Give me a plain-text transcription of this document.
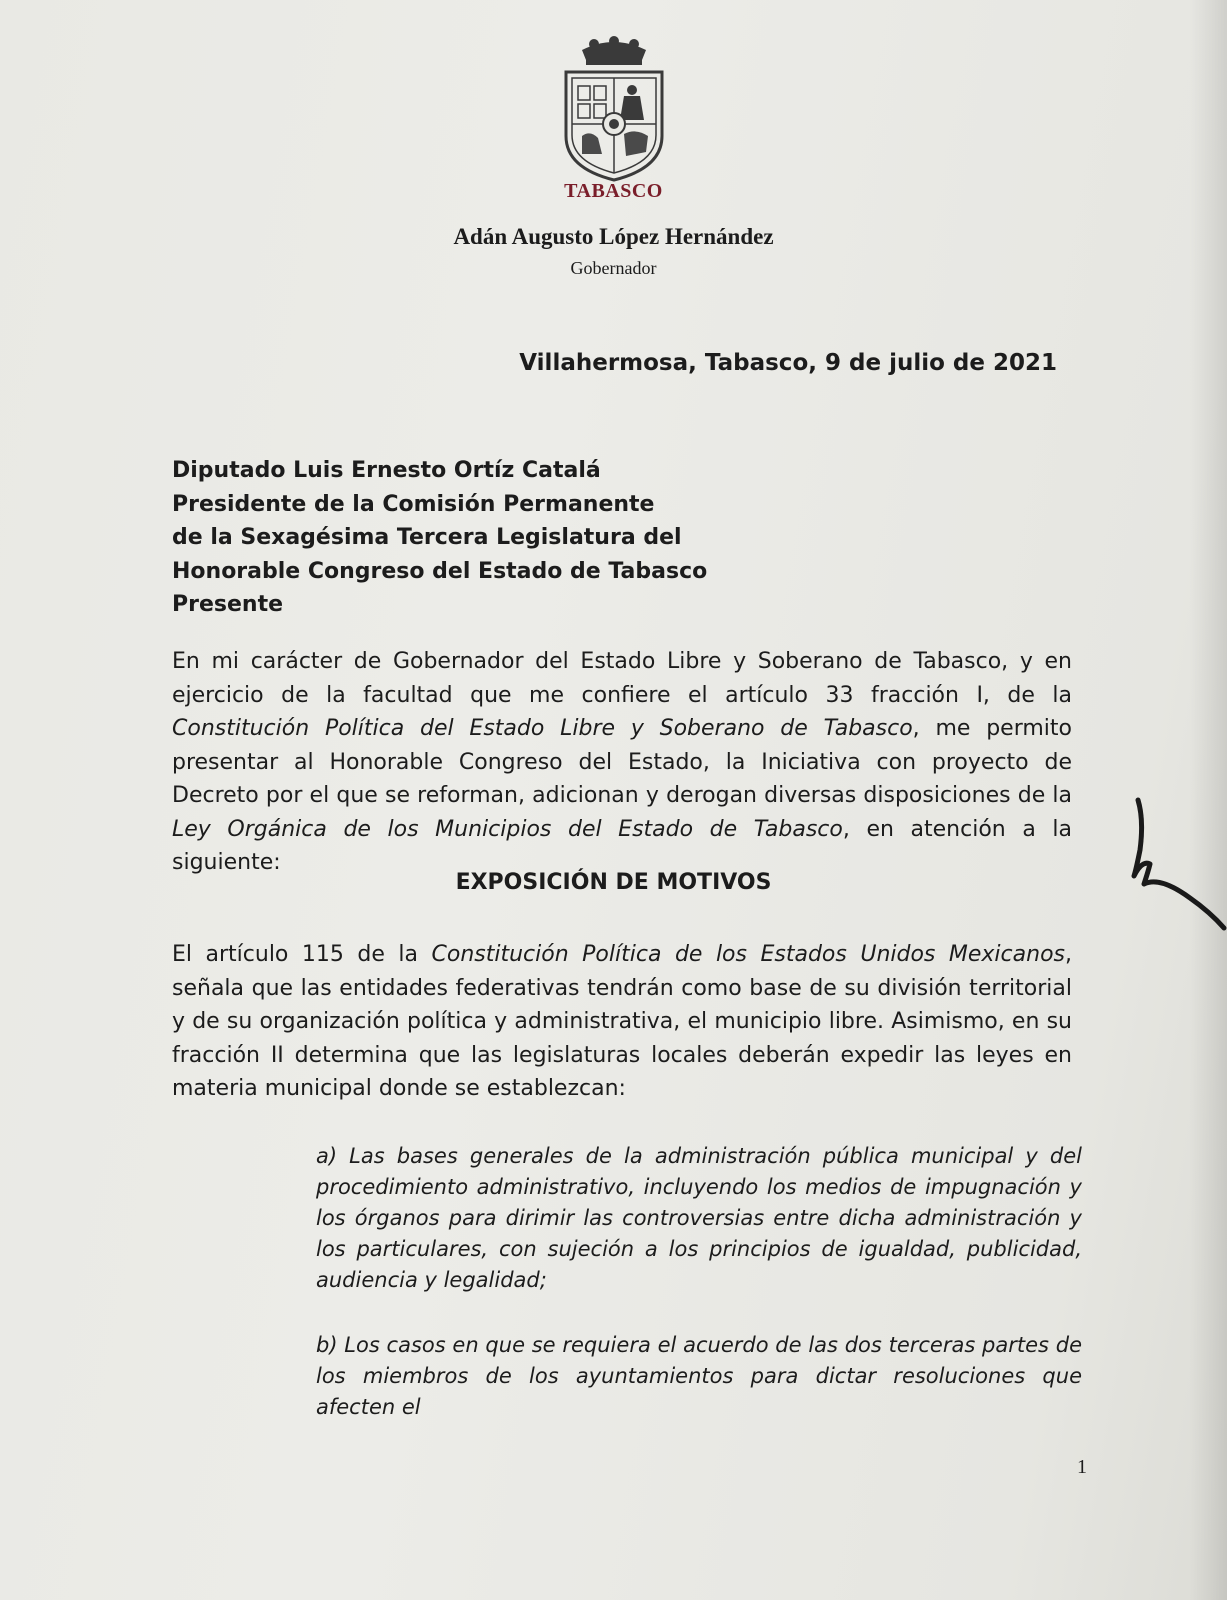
TABASCO
Adán Augusto López Hernández
Gobernador
Villahermosa, Tabasco, 9 de julio de 2021
Diputado Luis Ernesto Ortíz Catalá
Presidente de la Comisión Permanente
de la Sexagésima Tercera Legislatura del
Honorable Congreso del Estado de Tabasco
Presente
En mi carácter de Gobernador del Estado Libre y Soberano de Tabasco, y en ejercicio de la facultad que me confiere el artículo 33 fracción I, de la Constitución Política del Estado Libre y Soberano de Tabasco, me permito presentar al Honorable Congreso del Estado, la Iniciativa con proyecto de Decreto por el que se reforman, adicionan y derogan diversas disposiciones de la Ley Orgánica de los Municipios del Estado de Tabasco, en atención a la siguiente:
EXPOSICIÓN DE MOTIVOS
El artículo 115 de la Constitución Política de los Estados Unidos Mexicanos, señala que las entidades federativas tendrán como base de su división territorial y de su organización política y administrativa, el municipio libre. Asimismo, en su fracción II determina que las legislaturas locales deberán expedir las leyes en materia municipal donde se establezcan:
a) Las bases generales de la administración pública municipal y del procedimiento administrativo, incluyendo los medios de impugnación y los órganos para dirimir las controversias entre dicha administración y los particulares, con sujeción a los principios de igualdad, publicidad, audiencia y legalidad;
b) Los casos en que se requiera el acuerdo de las dos terceras partes de los miembros de los ayuntamientos para dictar resoluciones que afecten el
1
